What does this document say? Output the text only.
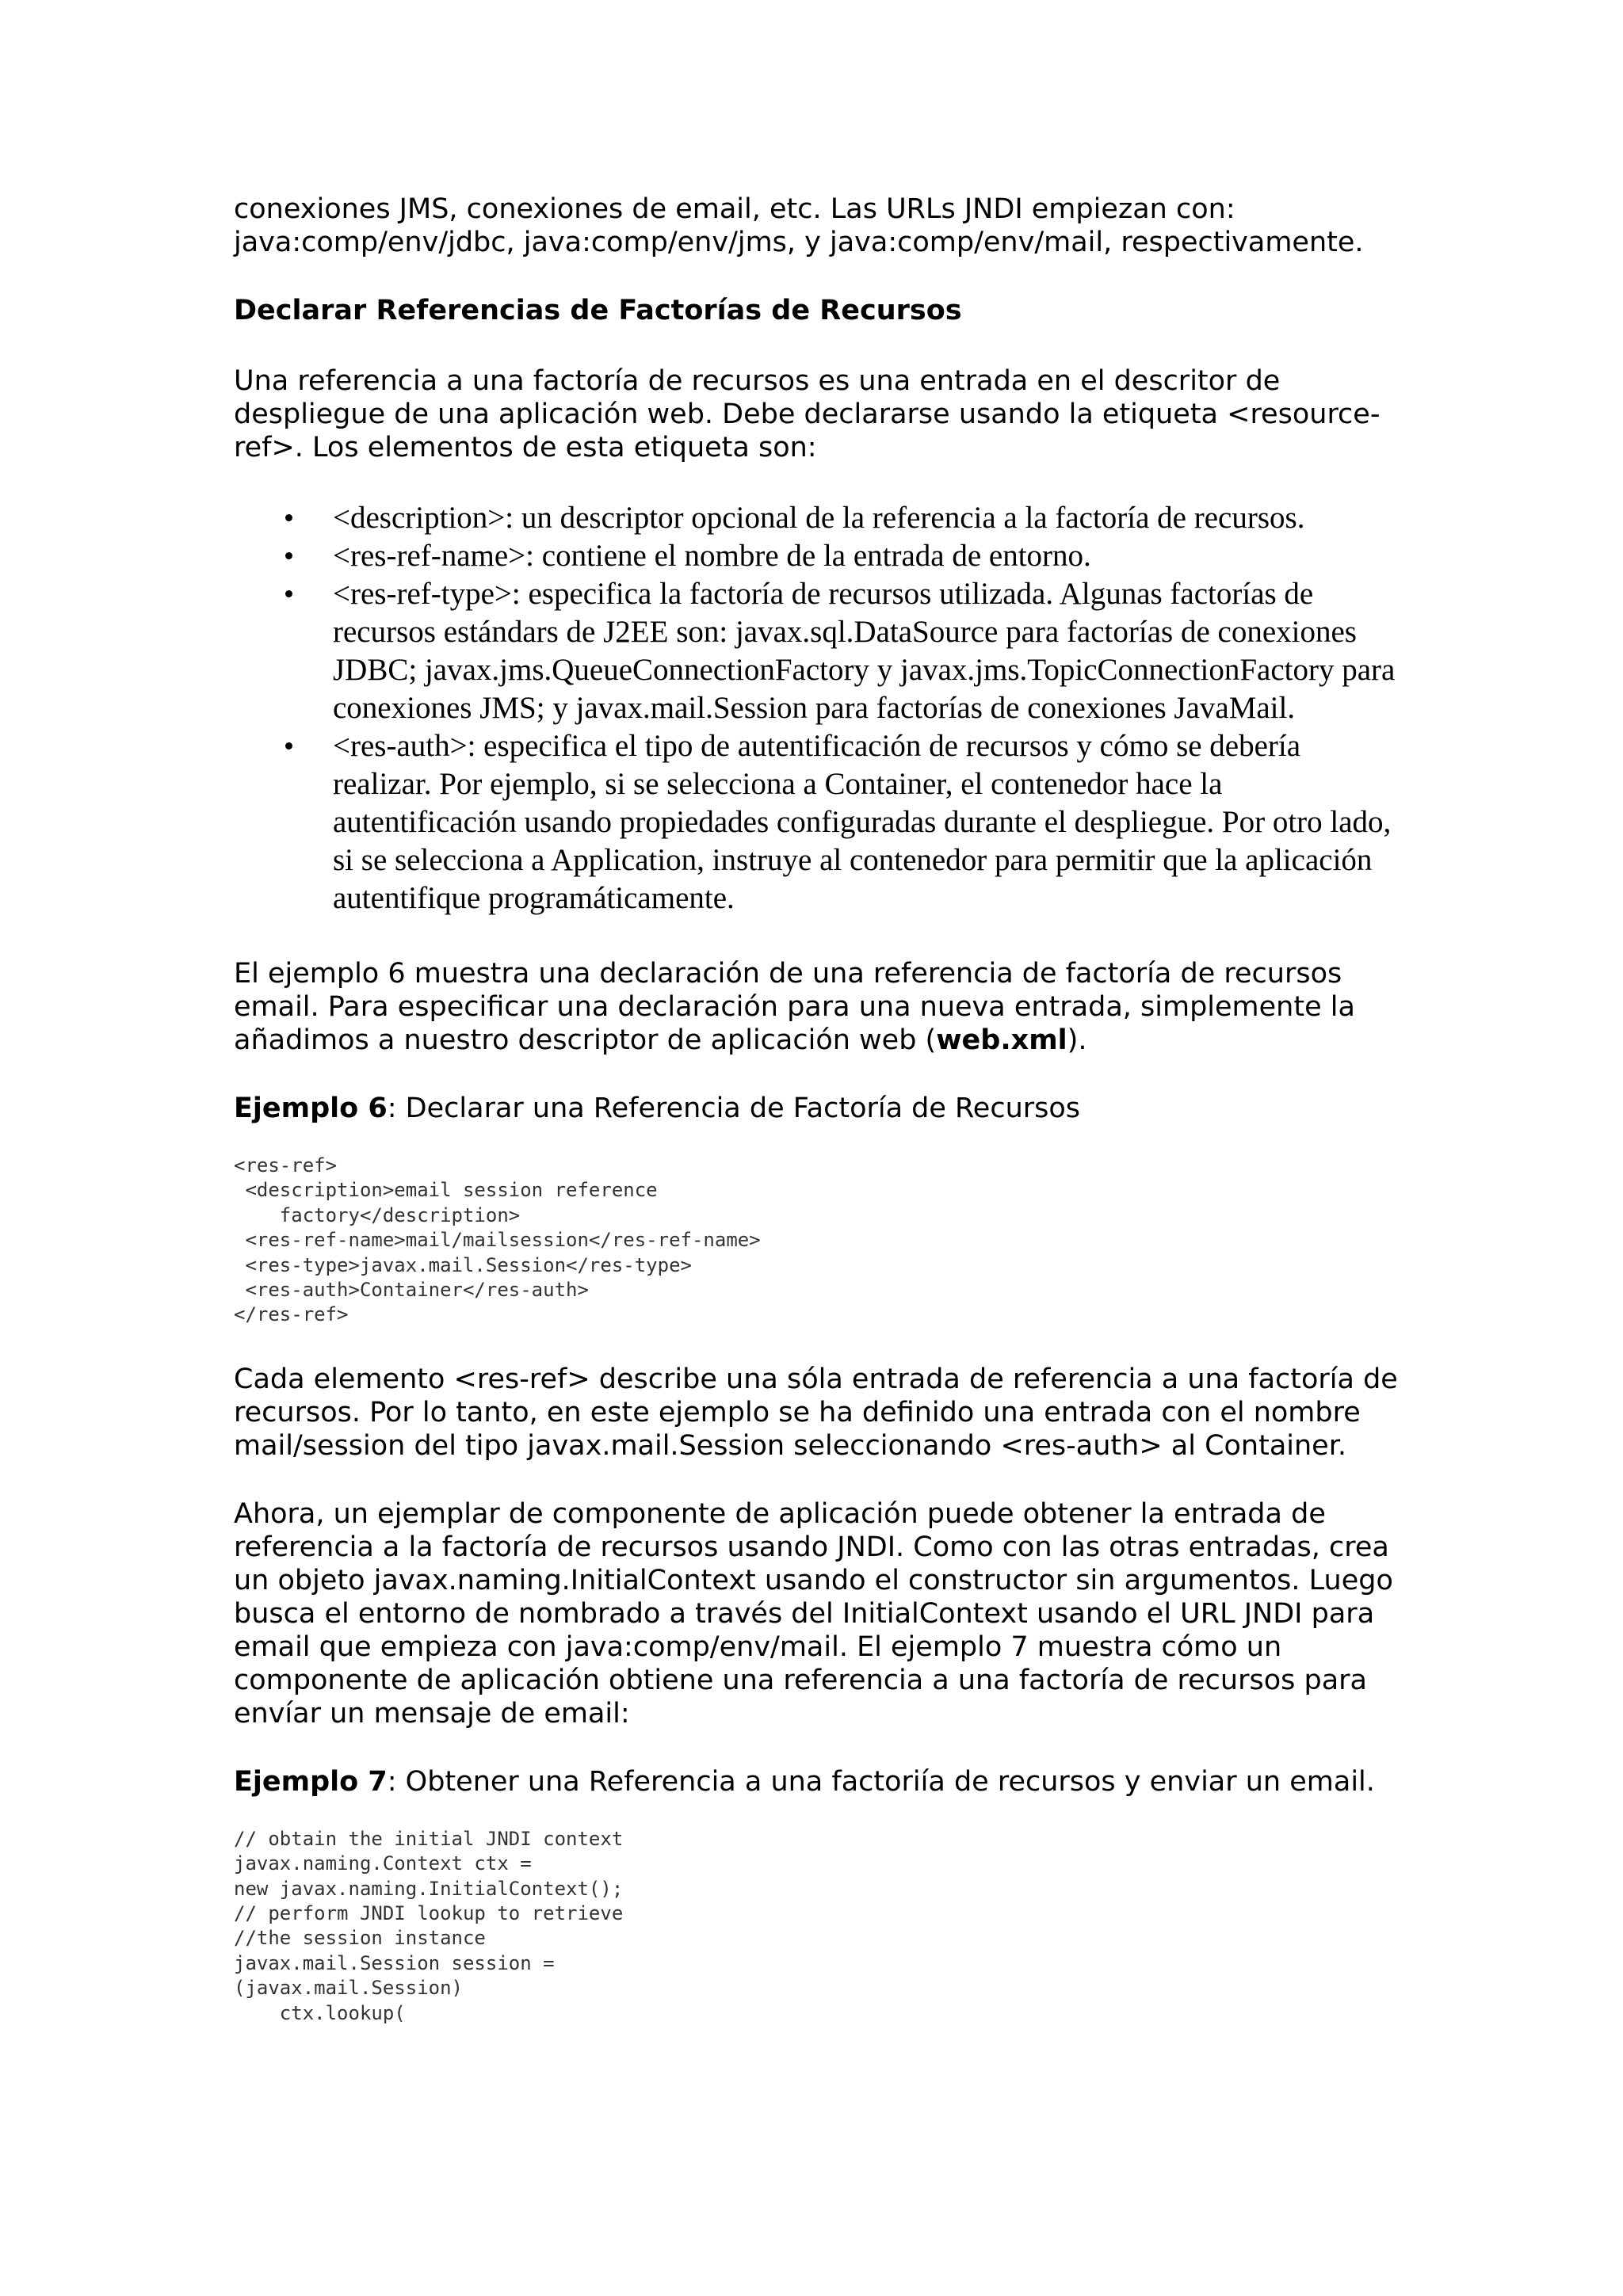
conexiones JMS, conexiones de email, etc. Las URLs JNDI empiezan con:
java:comp/env/jdbc, java:comp/env/jms, y java:comp/env/mail, respectivamente.
Declarar Referencias de Factorías de Recursos

Una referencia a una factoría de recursos es una entrada en el descritor de despliegue de una aplicación web. Debe declararse usando la etiqueta <resource-ref>. Los elementos de esta etiqueta son:

<description>: un descriptor opcional de la referencia a la factoría de recursos.
<res-ref-name>: contiene el nombre de la entrada de entorno.
<res-ref-type>: especifica la factoría de recursos utilizada. Algunas factorías de recursos estándars de J2EE son: javax.sql.DataSource para factorías de conexiones JDBC; javax.jms.QueueConnectionFactory y javax.jms.TopicConnectionFactory para conexiones JMS; y javax.mail.Session para factorías de conexiones JavaMail.
<res-auth>: especifica el tipo de autentificación de recursos y cómo se debería realizar. Por ejemplo, si se selecciona a Container, el contenedor hace la autentificación usando propiedades configuradas durante el despliegue. Por otro lado, si se selecciona a Application, instruye al contenedor para permitir que la aplicación autentifique programáticamente.

El ejemplo 6 muestra una declaración de una referencia de factoría de recursos email. Para especificar una declaración para una nueva entrada, simplemente la añadimos a nuestro descriptor de aplicación web (web.xml).

Ejemplo 6: Declarar una Referencia de Factoría de Recursos

<res-ref>
<description>email session reference
factory</description>
<res-ref-name>mail/mailsession</res-ref-name>
<res-type>javax.mail.Session</res-type>
<res-auth>Container</res-auth>
</res-ref>

Cada elemento <res-ref> describe una sóla entrada de referencia a una factoría de recursos. Por lo tanto, en este ejemplo se ha definido una entrada con el nombre mail/session del tipo javax.mail.Session seleccionando <res-auth> al Container.

Ahora, un ejemplar de componente de aplicación puede obtener la entrada de referencia a la factoría de recursos usando JNDI. Como con las otras entradas, crea un objeto javax.naming.InitialContext usando el constructor sin argumentos. Luego busca el entorno de nombrado a través del InitialContext usando el URL JNDI para email que empieza con java:comp/env/mail. El ejemplo 7 muestra cómo un componente de aplicación obtiene una referencia a una factoría de recursos para envíar un mensaje de email:

Ejemplo 7: Obtener una Referencia a una factoriía de recursos y enviar un email.

// obtain the initial JNDI context
javax.naming.Context ctx =
new javax.naming.InitialContext();
// perform JNDI lookup to retrieve
//the session instance
javax.mail.Session session =
(javax.mail.Session)
ctx.lookup(
